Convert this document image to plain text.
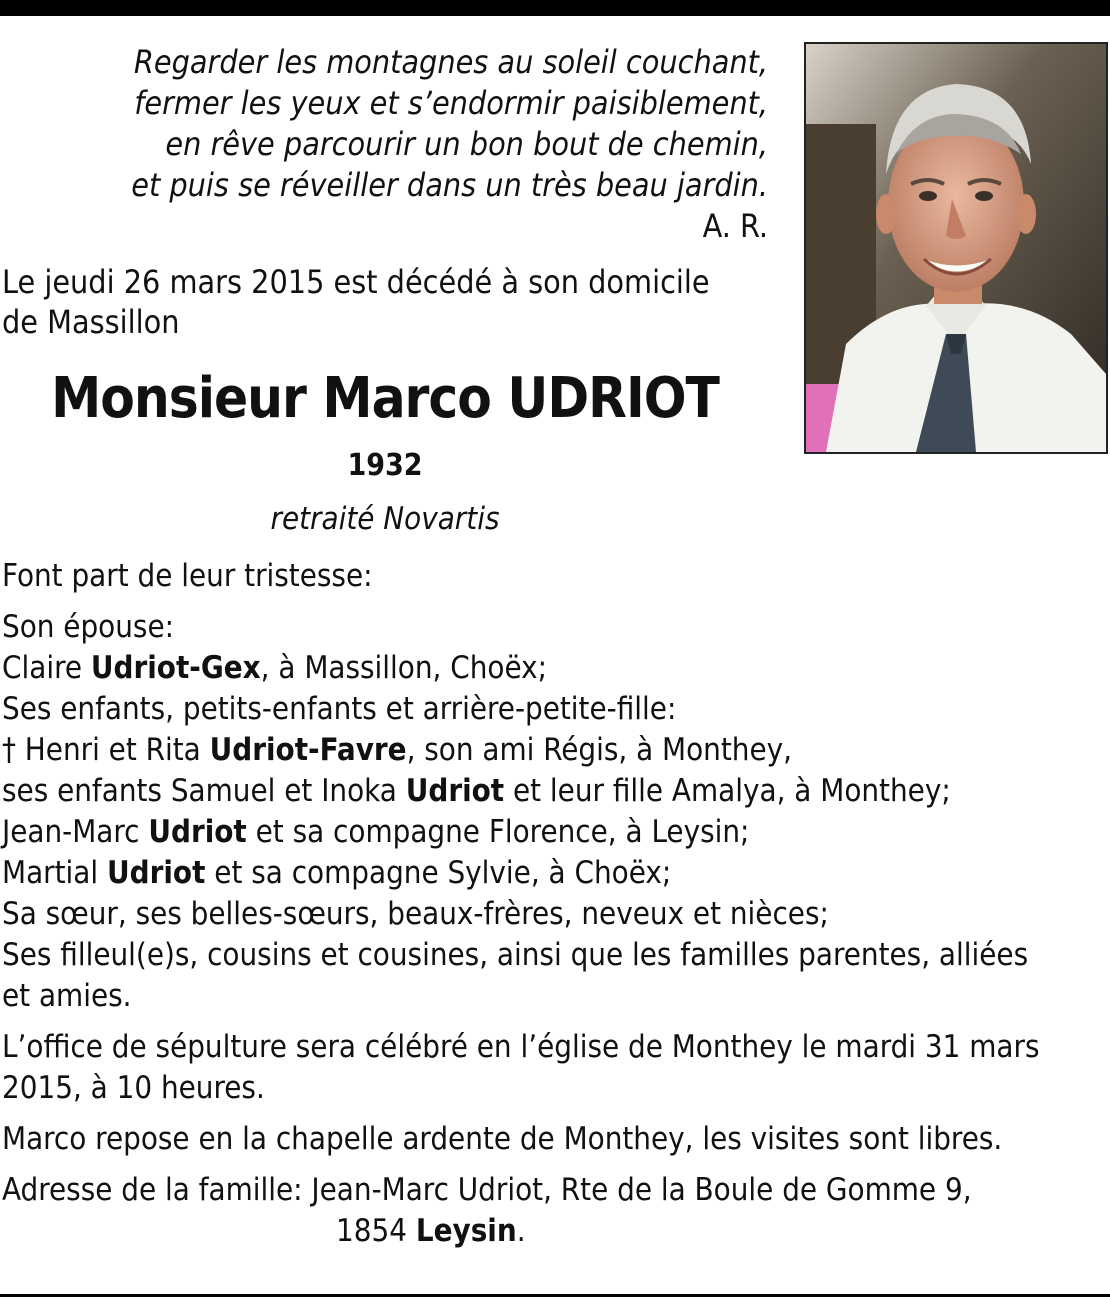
Regarder les montagnes au soleil couchant,
fermer les yeux et s’endormir paisiblement,
en rêve parcourir un bon bout de chemin,
et puis se réveiller dans un très beau jardin.
A. R.
Le jeudi 26 mars 2015 est décédé à son domicile
de Massillon
Monsieur Marco UDRIOT
1932
retraité Novartis

Font part de leur tristesse:

Son épouse:
Claire Udriot-Gex, à Massillon, Choëx;
Ses enfants, petits-enfants et arrière-petite-fille:
† Henri et Rita Udriot-Favre, son ami Régis, à Monthey,
ses enfants Samuel et Inoka Udriot et leur fille Amalya, à Monthey;
Jean-Marc Udriot et sa compagne Florence, à Leysin;
Martial Udriot et sa compagne Sylvie, à Choëx;
Sa sœur, ses belles-sœurs, beaux-frères, neveux et nièces;
Ses filleul(e)s, cousins et cousines, ainsi que les familles parentes, alliées
et amies.

L’office de sépulture sera célébré en l’église de Monthey le mardi 31 mars
2015, à 10 heures.

Marco repose en la chapelle ardente de Monthey, les visites sont libres.

Adresse de la famille: Jean-Marc Udriot, Rte de la Boule de Gomme 9,
1854 Leysin.
